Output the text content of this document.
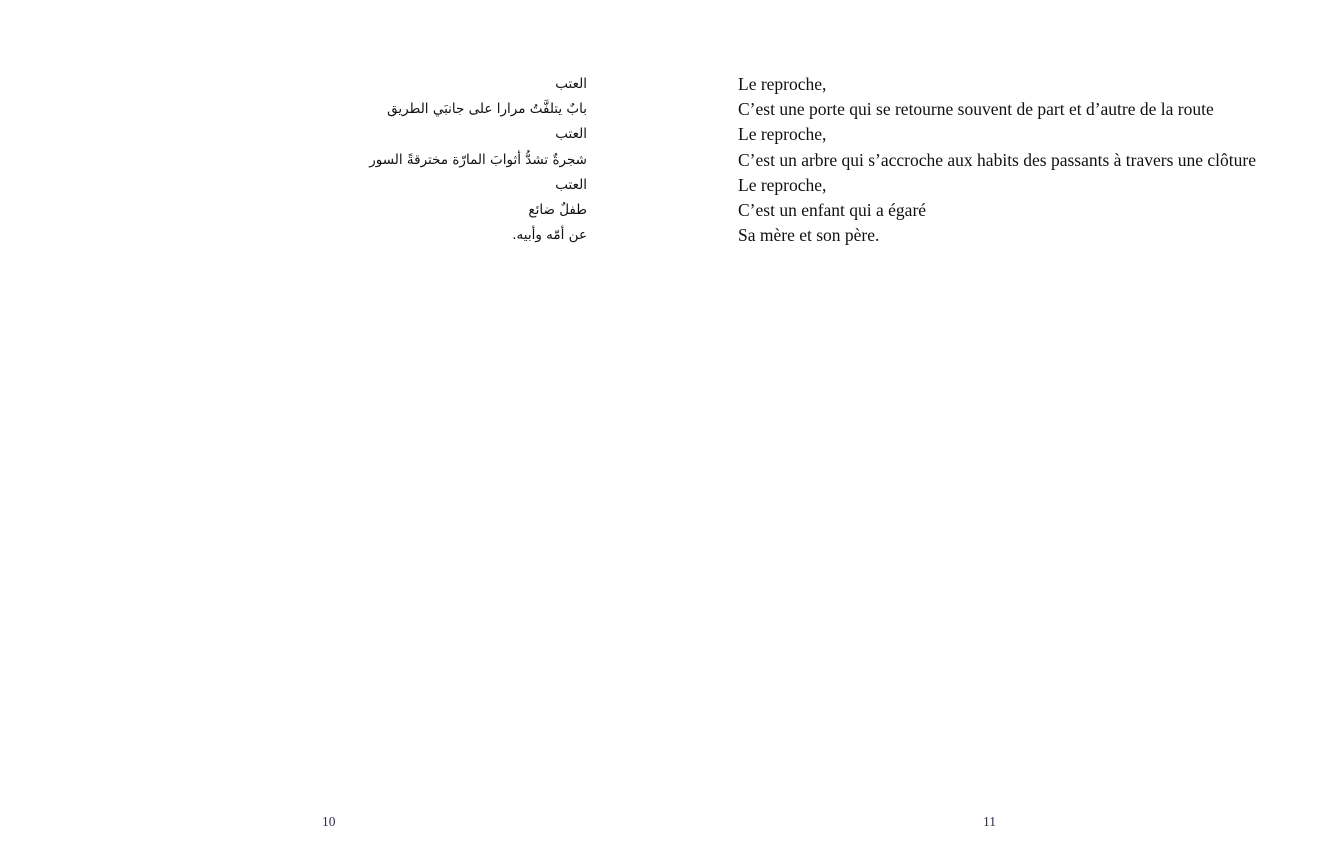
العتب
بابٌ يتلفَّتُ مرارا على جانبَي الطريق
العتب
شجرةٌ تشدُّ أثوابَ المارّة مخترقةً السور
العتب
طفلٌ ضائع
عن أمّه وأبيه.
10
Le reproche,
C’est une porte qui se retourne souvent de part et d’autre de la route
Le reproche,
C’est un arbre qui s’accroche aux habits des passants à travers une clôture
Le reproche,
C’est un enfant qui a égaré
Sa mère et son père.
11
